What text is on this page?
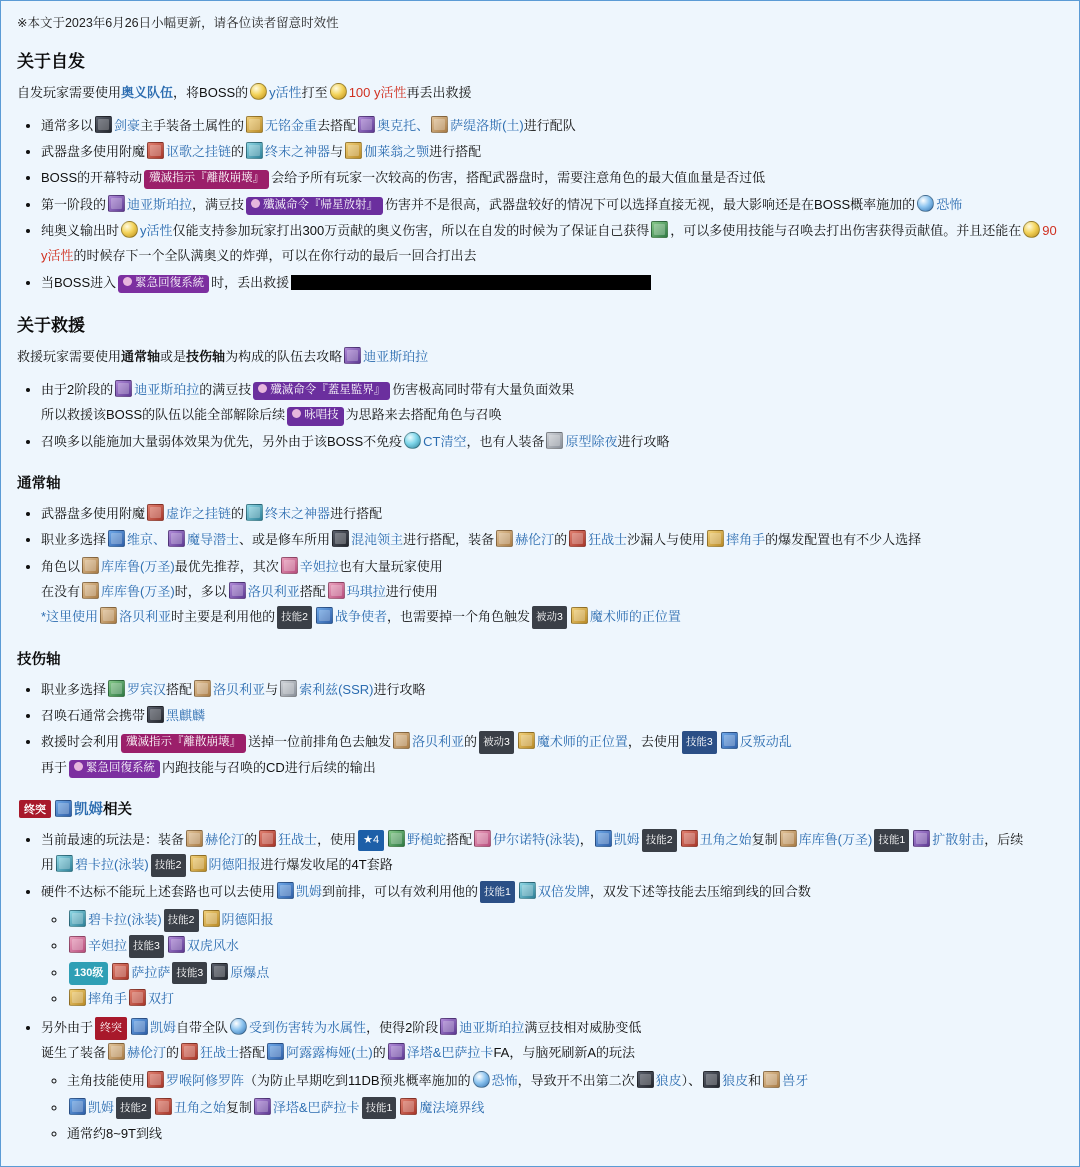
※本文于2023年6月26日小幅更新，请各位读者留意时效性
关于自发

自发玩家需要使用奥义队伍，将BOSS的 y活性打至 100 y活性再丢出救援

• 通常多以 剑豪主手装备土属性的 无铭金重去搭配 奥克托、 萨缇洛斯(土)进行配队
• 武器盘多使用附魔 讴歌之挂链的 终末之神器与 伽莱翁之颚进行搭配
• BOSS的开幕特动 殲滅指示『離散崩壊』 会给予所有玩家一次较高的伤害，搭配武器盘时，需要注意角色的最大值血量是否过低
• 第一阶段的 迪亚斯珀拉，满豆技 殲滅命令『帰星放射』 伤害并不是很高，武器盘较好的情况下可以选择直接无视，最大影响还是在BOSS概率施加的 恐怖
• 纯奥义输出时 y活性仅能支持参加玩家打出300万贡献的奥义伤害，所以在自发的时候为了保证自己获得 ，可以多使用技能与召唤去打出伤害获得贡献值。并且还能在 90 y活性的时候存下一个全队满奥义的炸弹，可以在你行动的最后一回合打出去
• 当BOSS进入 緊急回復系統 时，丢出救援
关于救援

救援玩家需要使用通常轴或是技伤轴为构成的队伍去攻略 迪亚斯珀拉

• 由于2阶段的 迪亚斯珀拉的满豆技 殲滅命令『蓋星監界』 伤害极高同时带有大量负面效果
所以救援该BOSS的队伍以能全部解除后续 咏唱技 为思路来去搭配角色与召唤
• 召唤多以能施加大量弱体效果为优先，另外由于该BOSS不免疫 CT清空，也有人装备 原型除夜进行攻略
通常轴
• 武器盘多使用附魔 虚诈之挂链的 终末之神器进行搭配
• 职业多选择 维京、 魔导潜士、或是修车所用 混沌领主进行搭配，装备 赫伦汀的 狂战士沙漏人与使用 摔角手的爆发配置也有不少人选择
• 角色以 库库鲁(万圣)最优先推荐，其次 辛妲拉也有大量玩家使用
在没有 库库鲁(万圣)时，多以 洛贝利亚搭配 玛琪拉进行使用
*这里使用 洛贝利亚时主要是利用他的 技能2 战争使者，也需要掉一个角色触发 被动3 魔术师的正位置
技伤轴
• 职业多选择 罗宾汉搭配 洛贝利亚与 索利兹(SSR)进行攻略
• 召唤石通常会携带 黑麒麟
• 救援时会利用 殲滅指示『離散崩壊』 送掉一位前排角色去触发 洛贝利亚的 被动3 魔术师的正位置，去使用 技能3 反叛动乱
再于 緊急回復系統 内跑技能与召唤的CD进行后续的输出
终突 凯姆相关
• 当前最速的玩法是：装备 赫伦汀的 狂战士，使用 ★4 野槌蛇搭配 伊尔诺特(泳装)， 凯姆 技能2 丑角之始复制 库库鲁(万圣) 技能1 扩散射击，后续
用 碧卡拉(泳装) 技能2 阴德阳报进行爆发收尾的4T套路
• 硬件不达标不能玩上述套路也可以去使用 凯姆到前排，可以有效利用他的 技能1 双倍发牌，双发下述等技能去压缩到线的回合数
◦ 碧卡拉(泳装) 技能2 阴德阳报
◦ 辛妲拉 技能3 双虎风水
◦ 130级 萨拉萨 技能3 原爆点
◦ 摔角手 双打
• 另外由于 终突 凯姆自带全队 受到伤害转为水属性，使得2阶段 迪亚斯珀拉满豆技相对威胁变低
诞生了装备 赫伦汀的 狂战士搭配 阿露露梅娅(土)的 泽塔&巴萨拉卡FA，与脑死刷新A的玩法
◦ 主角技能使用 罗喉阿修罗阵（为防止早期吃到11DB预兆概率施加的 恐怖，导致开不出第二次 狼皮）、 狼皮和 兽牙
◦ 凯姆 技能2 丑角之始复制 泽塔&巴萨拉卡 技能1 魔法境界线
◦ 通常约8~9T到线
